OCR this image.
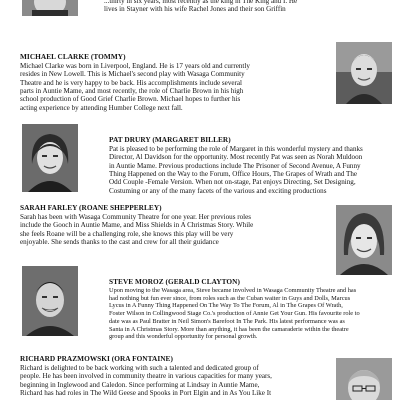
...thirty in six years, most recently as the king in The King and I. He
lives in Stayner with his wife Rachel Jones and their son Griffin
MICHAEL CLARKE (TOMMY)
Michael Clarke was born in Liverpool, England. He is 17 years old and currently
resides in New Lowell. This is Michael's second play with Wasaga Community
Theatre and he is very happy to be back. His accomplishments include several
parts in Auntie Mame, and most recently, the role of Charlie Brown in his high
school production of Good Grief Charlie Brown. Michael hopes to further his
acting experience by attending Humber College next fall.
PAT DRURY (MARGARET BILLER)
Pat is pleased to be performing the role of Margaret in this wonderful mystery and thanks
Director, Al Davidson for the opportunity. Most recently Pat was seen as Norah Muldoon
in Auntie Mame. Previous productions include The Prisoner of Second Avenue, A Funny
Thing Happened on the Way to the Forum, Office Hours, The Grapes of Wrath and The
Odd Couple -Female Version. When not on-stage, Pat enjoys Directing, Set Designing,
Costuming or any of the many facets of the various and exciting productions
SARAH FARLEY (ROANE SHEPPERLEY)
Sarah has been with Wasaga Community Theatre for one year. Her previous roles
include the Gooch in Auntie Mame, and Miss Shields in A Christmas Story. While
she feels Roane will be a challenging role, she knows this play will be very
enjoyable. She sends thanks to the cast and crew for all their guidance
STEVE MOROZ (GERALD CLAYTON)
Upon moving to the Wasaga area, Steve became involved in Wasaga Community Theatre and has
had nothing but fun ever since, from roles such as the Cuban waiter in Guys and Dolls, Marcus
Lycus in A Funny Thing Happened On The Way To The Forum, Al in The Grapes Of Wrath,
Foster Wilson in Collingwood Stage Co.'s production of Annie Get Your Gun. His favourite role to
date was as Paul Bratter in Neil Simon's Barefoot In The Park. His latest performance was as
Santa in A Christmas Story. More than anything, it has been the camaraderie within the theatre
group and this wonderful opportunity for personal growth.
RICHARD PRAZMOWSKI (ORA FONTAINE)
Richard is delighted to be back working with such a talented and dedicated group of
people. He has been involved in community theatre in various capacities for many years,
beginning in Inglewood and Caledon. Since performing at Lindsay in Auntie Mame,
Richard has had roles in The Wild Geese and Spooks in Port Elgin and in As You Like It
